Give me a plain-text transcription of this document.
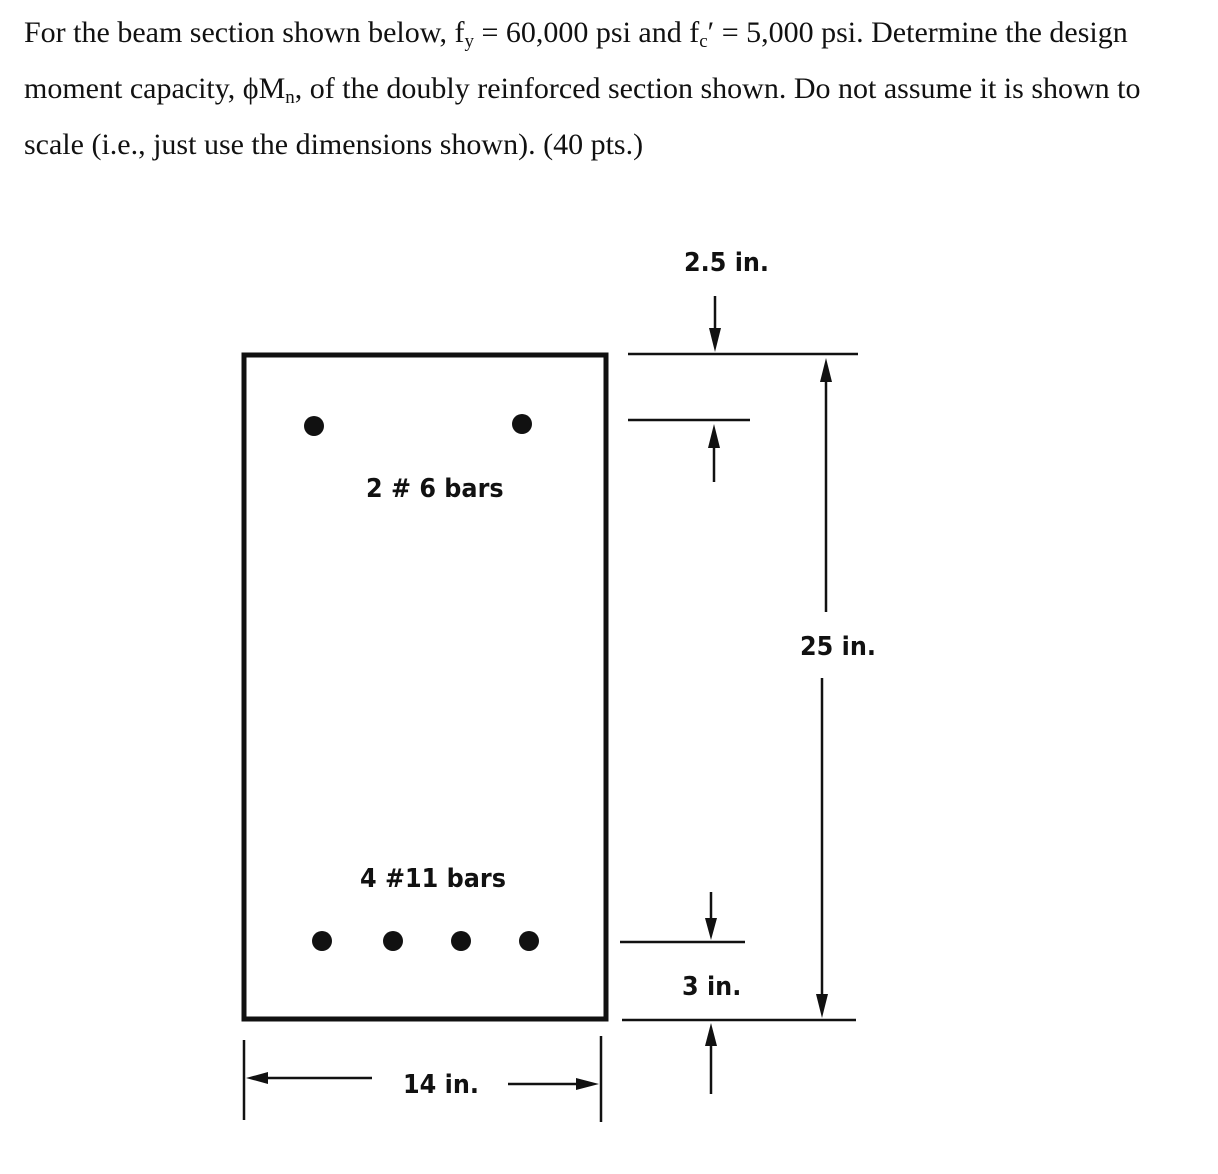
For the beam section shown below, $f_y = 60,000$ psi and $f_c' = 5,000$ psi. Determine the design moment capacity, $\phi M_n$, of the doubly reinforced section shown. Do not assume it is shown to scale (i.e., just use the dimensions shown). (40 pts.)
2 # 6 bars
4 #11 bars
2.5 in.
25 in.
3 in.
14 in.
